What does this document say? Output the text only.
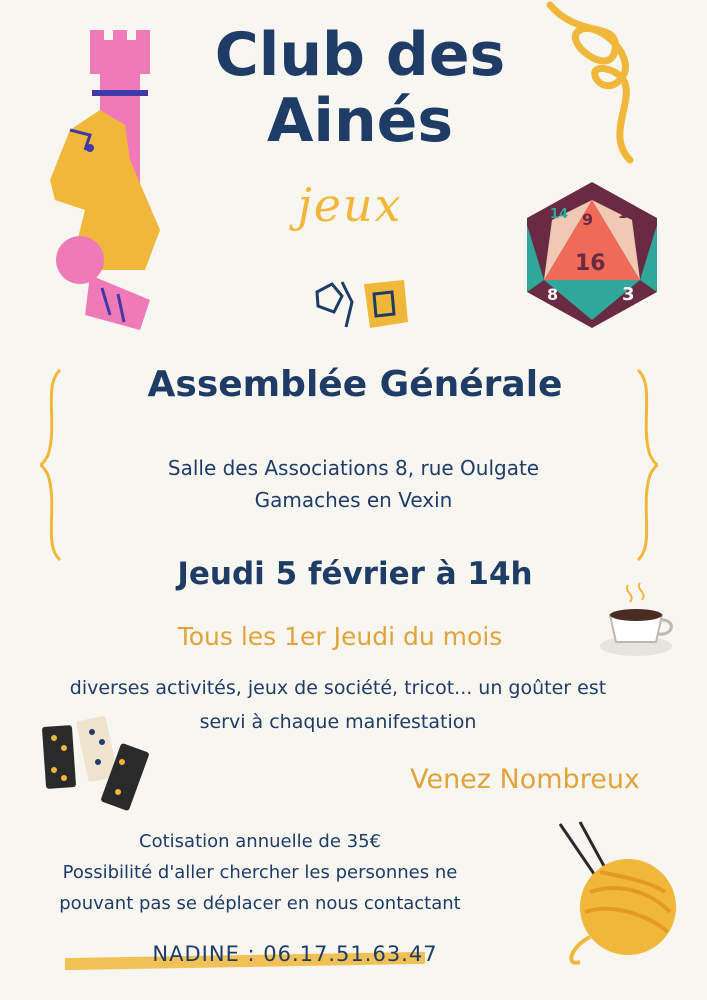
Club des Ainés
jeux	14 9 19
16
8	3
Assemblée Générale
Salle des Associations 8, rue Oulgate
Gamaches en Vexin
Jeudi 5 février à 14h
Tous les 1er Jeudi du mois
diverses activités, jeux de société, tricot... un goûter est
servi à chaque manifestation
Venez Nombreux
Cotisation annuelle de 35€
Possibilité d'aller chercher les personnes ne
pouvant pas se déplacer en nous contactant
NADINE : 06.17.51.63.47
